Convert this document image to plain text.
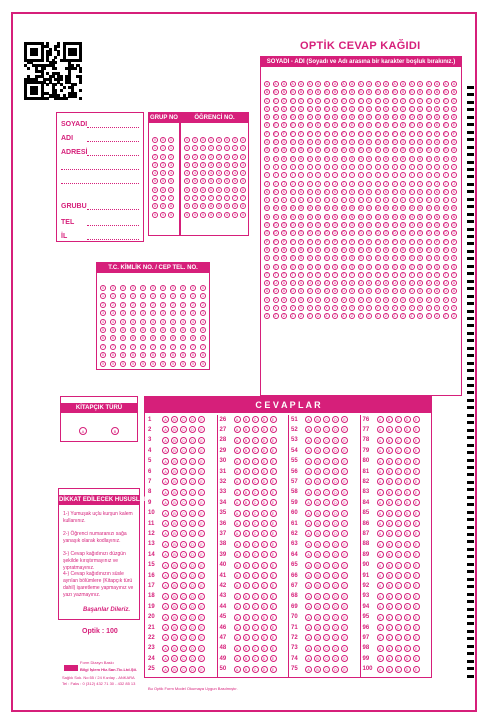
OPTİK CEVAP KAĞIDI
SOYADI
ADI
ADRESİ
GRUBU
TEL
İL
GRUP NO
0	0	0
1	1	1
2	2	2
3	3	3
4	4	4
5	5	5
6	6	6
7	7	7
8	8	8
9	9	9
ÖĞRENCİ NO.
0	0	0	0	0	0	0	0
1	1	1	1	1	1	1	1
2	2	2	2	2	2	2	2
3	3	3	3	3	3	3	3
4	4	4	4	4	4	4	4
5	5	5	5	5	5	5	5
6	6	6	6	6	6	6	6
7	7	7	7	7	7	7	7
8	8	8	8	8	8	8	8
9	9	9	9	9	9	9	9
T.C. KİMLİK NO. / CEP TEL. NO.
0	0	0	0	0	0	0	0	0	0	0
1	1	1	1	1	1	1	1	1	1	1
2	2	2	2	2	2	2	2	2	2	2
3	3	3	3	3	3	3	3	3	3	3
4	4	4	4	4	4	4	4	4	4	4
5	5	5	5	5	5	5	5	5	5	5
6	6	6	6	6	6	6	6	6	6	6
7	7	7	7	7	7	7	7	7	7	7
8	8	8	8	8	8	8	8	8	8	8
9	9	9	9	9	9	9	9	9	9	9
SOYADI - ADI (Soyadı ve Adı arasına bir karakter boşluk bırakınız.)
A	A	A	A	A	A	A	A	A	A	A	A	A	A	A	A	A	A	A	A	A	A	A
B	B	B	B	B	B	B	B	B	B	B	B	B	B	B	B	B	B	B	B	B	B	B
C	C	C	C	C	C	C	C	C	C	C	C	C	C	C	C	C	C	C	C	C	C	C
Ç	Ç	Ç	Ç	Ç	Ç	Ç	Ç	Ç	Ç	Ç	Ç	Ç	Ç	Ç	Ç	Ç	Ç	Ç	Ç	Ç	Ç	Ç
D	D	D	D	D	D	D	D	D	D	D	D	D	D	D	D	D	D	D	D	D	D	D
E	E	E	E	E	E	E	E	E	E	E	E	E	E	E	E	E	E	E	E	E	E	E
F	F	F	F	F	F	F	F	F	F	F	F	F	F	F	F	F	F	F	F	F	F	F
G	G	G	G	G	G	G	G	G	G	G	G	G	G	G	G	G	G	G	G	G	G	G
Ğ	Ğ	Ğ	Ğ	Ğ	Ğ	Ğ	Ğ	Ğ	Ğ	Ğ	Ğ	Ğ	Ğ	Ğ	Ğ	Ğ	Ğ	Ğ	Ğ	Ğ	Ğ	Ğ
H	H	H	H	H	H	H	H	H	H	H	H	H	H	H	H	H	H	H	H	H	H	H
I	I	I	I	I	I	I	I	I	I	I	I	I	I	I	I	I	I	I	I	I	I	I
İ	İ	İ	İ	İ	İ	İ	İ	İ	İ	İ	İ	İ	İ	İ	İ	İ	İ	İ	İ	İ	İ	İ
J	J	J	J	J	J	J	J	J	J	J	J	J	J	J	J	J	J	J	J	J	J	J
K	K	K	K	K	K	K	K	K	K	K	K	K	K	K	K	K	K	K	K	K	K	K
L	L	L	L	L	L	L	L	L	L	L	L	L	L	L	L	L	L	L	L	L	L	L
M	M	M	M	M	M	M	M	M	M	M	M	M	M	M	M	M	M	M	M	M	M	M
N	N	N	N	N	N	N	N	N	N	N	N	N	N	N	N	N	N	N	N	N	N	N
O	O	O	O	O	O	O	O	O	O	O	O	O	O	O	O	O	O	O	O	O	O	O
Ö	Ö	Ö	Ö	Ö	Ö	Ö	Ö	Ö	Ö	Ö	Ö	Ö	Ö	Ö	Ö	Ö	Ö	Ö	Ö	Ö	Ö	Ö
P	P	P	P	P	P	P	P	P	P	P	P	P	P	P	P	P	P	P	P	P	P	P
R	R	R	R	R	R	R	R	R	R	R	R	R	R	R	R	R	R	R	R	R	R	R
S	S	S	S	S	S	S	S	S	S	S	S	S	S	S	S	S	S	S	S	S	S	S
Ş	Ş	Ş	Ş	Ş	Ş	Ş	Ş	Ş	Ş	Ş	Ş	Ş	Ş	Ş	Ş	Ş	Ş	Ş	Ş	Ş	Ş	Ş
T	T	T	T	T	T	T	T	T	T	T	T	T	T	T	T	T	T	T	T	T	T	T
U	U	U	U	U	U	U	U	U	U	U	U	U	U	U	U	U	U	U	U	U	U	U
Ü	Ü	Ü	Ü	Ü	Ü	Ü	Ü	Ü	Ü	Ü	Ü	Ü	Ü	Ü	Ü	Ü	Ü	Ü	Ü	Ü	Ü	Ü
V	V	V	V	V	V	V	V	V	V	V	V	V	V	V	V	V	V	V	V	V	V	V
Y	Y	Y	Y	Y	Y	Y	Y	Y	Y	Y	Y	Y	Y	Y	Y	Y	Y	Y	Y	Y	Y	Y
Z	Z	Z	Z	Z	Z	Z	Z	Z	Z	Z	Z	Z	Z	Z	Z	Z	Z	Z	Z	Z	Z	Z
KİTAPÇIK TÜRÜ
A	B
C E V A P L A R
1	A	B	C	D	E
2	A	B	C	D	E
3	A	B	C	D	E
4	A	B	C	D	E
5	A	B	C	D	E
6	A	B	C	D	E
7	A	B	C	D	E
8	A	B	C	D	E
9	A	B	C	D	E
10	A	B	C	D	E
11	A	B	C	D	E
12	A	B	C	D	E
13	A	B	C	D	E
14	A	B	C	D	E
15	A	B	C	D	E
16	A	B	C	D	E
17	A	B	C	D	E
18	A	B	C	D	E
19	A	B	C	D	E
20	A	B	C	D	E
21	A	B	C	D	E
22	A	B	C	D	E
23	A	B	C	D	E
24	A	B	C	D	E
25	A	B	C	D	E
26	A	B	C	D	E
27	A	B	C	D	E
28	A	B	C	D	E
29	A	B	C	D	E
30	A	B	C	D	E
31	A	B	C	D	E
32	A	B	C	D	E
33	A	B	C	D	E
34	A	B	C	D	E
35	A	B	C	D	E
36	A	B	C	D	E
37	A	B	C	D	E
38	A	B	C	D	E
39	A	B	C	D	E
40	A	B	C	D	E
41	A	B	C	D	E
42	A	B	C	D	E
43	A	B	C	D	E
44	A	B	C	D	E
45	A	B	C	D	E
46	A	B	C	D	E
47	A	B	C	D	E
48	A	B	C	D	E
49	A	B	C	D	E
50	A	B	C	D	E
51	A	B	C	D	E
52	A	B	C	D	E
53	A	B	C	D	E
54	A	B	C	D	E
55	A	B	C	D	E
56	A	B	C	D	E
57	A	B	C	D	E
58	A	B	C	D	E
59	A	B	C	D	E
60	A	B	C	D	E
61	A	B	C	D	E
62	A	B	C	D	E
63	A	B	C	D	E
64	A	B	C	D	E
65	A	B	C	D	E
66	A	B	C	D	E
67	A	B	C	D	E
68	A	B	C	D	E
69	A	B	C	D	E
70	A	B	C	D	E
71	A	B	C	D	E
72	A	B	C	D	E
73	A	B	C	D	E
74	A	B	C	D	E
75	A	B	C	D	E
76	A	B	C	D	E
77	A	B	C	D	E
78	A	B	C	D	E
79	A	B	C	D	E
80	A	B	C	D	E
81	A	B	C	D	E
82	A	B	C	D	E
83	A	B	C	D	E
84	A	B	C	D	E
85	A	B	C	D	E
86	A	B	C	D	E
87	A	B	C	D	E
88	A	B	C	D	E
89	A	B	C	D	E
90	A	B	C	D	E
91	A	B	C	D	E
92	A	B	C	D	E
93	A	B	C	D	E
94	A	B	C	D	E
95	A	B	C	D	E
96	A	B	C	D	E
97	A	B	C	D	E
98	A	B	C	D	E
99	A	B	C	D	E
100	A	B	C	D	E
DİKKAT EDİLECEK HUSUSLAR
1-) Yumuşak uçlu kurşun kalem kullanınız.
2-) Öğrenci numaranızı sağa yanaşık olarak kodlayınız.
3-) Cevap kağıdınızı düzgün şekilde kırıştırmayınız ve yıpratmayınız.
4-) Cevap kağıdınızın süsle ayrılan bölümlere (Kitapçık türü dahil) işaretleme yapmayınız ve yazı yazmayınız.
Başarılar Dileriz.
Optik : 100
Form Dizayn Baskı
Bilgi İşlem Hiz.San.Tic.Ltd.Şti.
Sağlık Sok. No:55 / 24 Kızılay - ANKARA
Tel : Faks : 0 (312) 432 71 30 - 432 85 13
Bu Optik Form Model Okumaya Uygun Basılmıştır.
